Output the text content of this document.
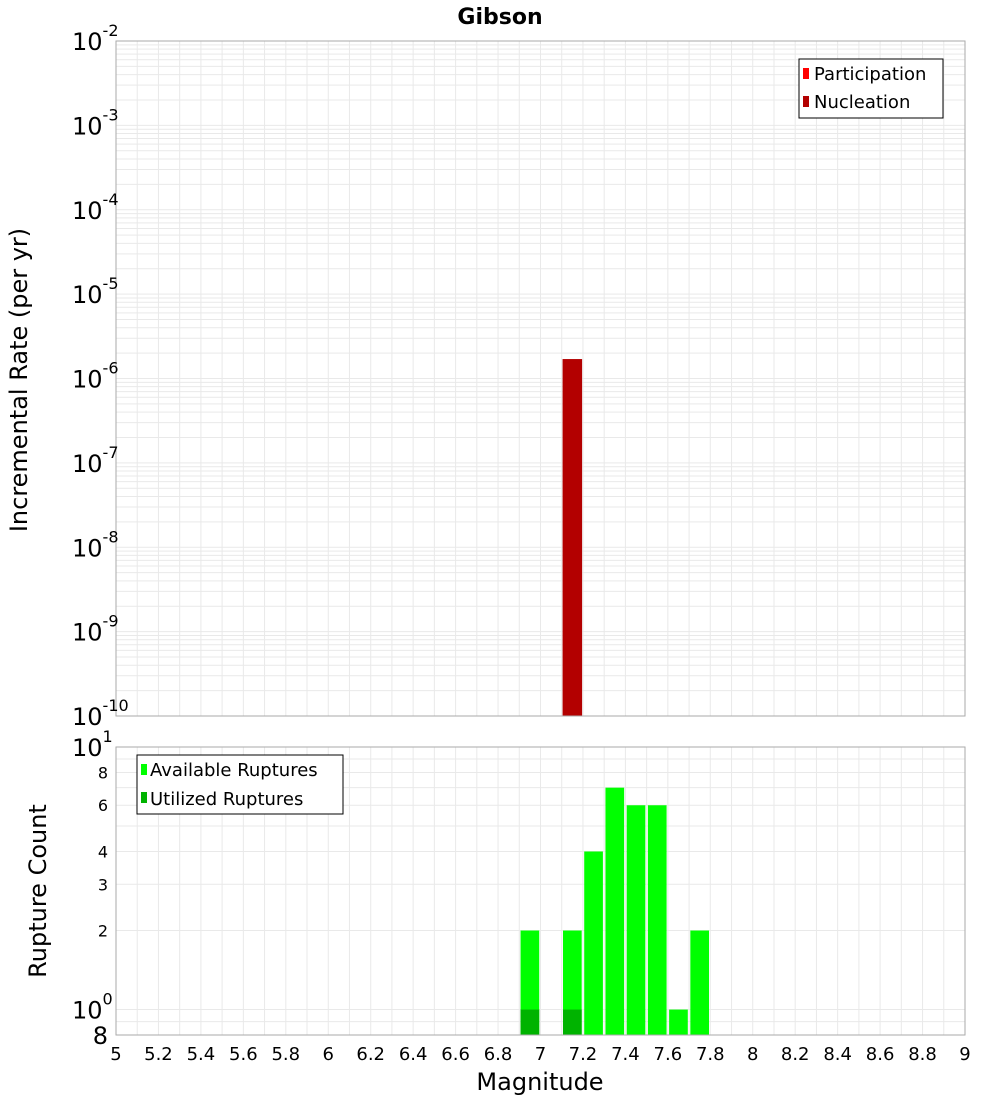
Gibson
10-2
10-3
10-4
10-5
10-6
10-7
10-8
10-9
10-10
Incremental Rate (per yr)
Participation
Nucleation
101
8
6
4
3
2
100
8
5 5.2 5.4 5.6 5.8 6 6.2 6.4 6.6 6.8 7 7.2 7.4 7.6 7.8 8 8.2 8.4 8.6 8.8 9
Rupture Count
Magnitude
Available Ruptures
Utilized Ruptures
